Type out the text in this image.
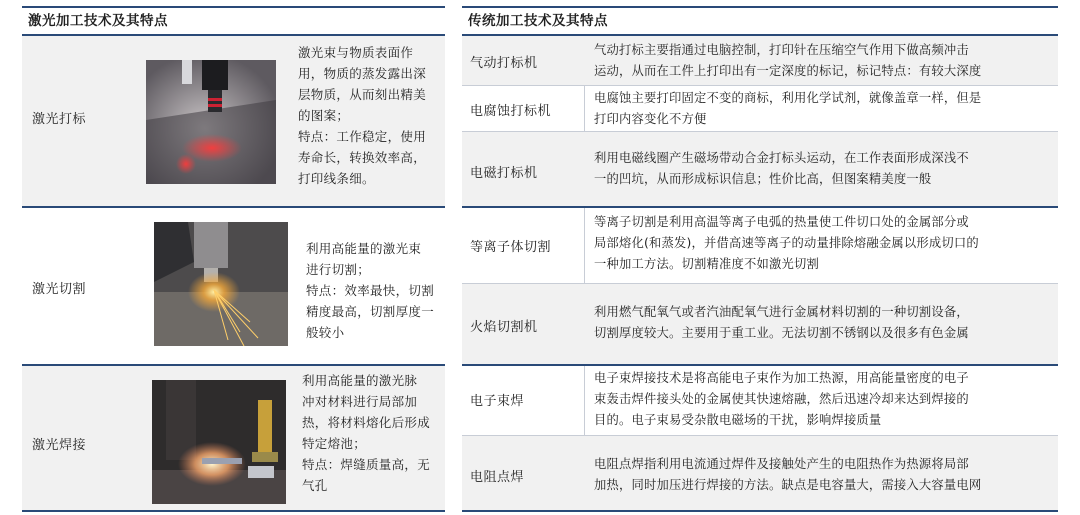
激光加工技术及其特点
激光打标
激光束与物质表面作
用，物质的蒸发露出深
层物质，从而刻出精美
的图案；
特点：工作稳定，使用
寿命长，转换效率高，
打印线条细。
激光切割
利用高能量的激光束
进行切割；
特点：效率最快，切割
精度最高，切割厚度一
般较小
激光焊接
利用高能量的激光脉
冲对材料进行局部加
热，将材料熔化后形成
特定熔池；
特点：焊缝质量高，无
气孔
传统加工技术及其特点
气动打标机
气动打标主要指通过电脑控制，打印针在压缩空气作用下做高频冲击
运动，从而在工件上打印出有一定深度的标记，标记特点：有较大深度
电腐蚀打标机
电腐蚀主要打印固定不变的商标，利用化学试剂，就像盖章一样，但是
打印内容变化不方便
电磁打标机
利用电磁线圈产生磁场带动合金打标头运动，在工作表面形成深浅不
一的凹坑，从而形成标识信息；性价比高，但图案精美度一般
等离子体切割
等离子切割是利用高温等离子电弧的热量使工件切口处的金属部分或
局部熔化(和蒸发)，并借高速等离子的动量排除熔融金属以形成切口的
一种加工方法。切割精准度不如激光切割
火焰切割机
利用燃气配氧气或者汽油配氧气进行金属材料切割的一种切割设备，
切割厚度较大。主要用于重工业。无法切割不锈钢以及很多有色金属
电子束焊
电子束焊接技术是将高能电子束作为加工热源，用高能量密度的电子
束轰击焊件接头处的金属使其快速熔融，然后迅速冷却来达到焊接的
目的。电子束易受杂散电磁场的干扰，影响焊接质量
电阻点焊
电阻点焊指利用电流通过焊件及接触处产生的电阻热作为热源将局部
加热，同时加压进行焊接的方法。缺点是电容量大，需接入大容量电网
